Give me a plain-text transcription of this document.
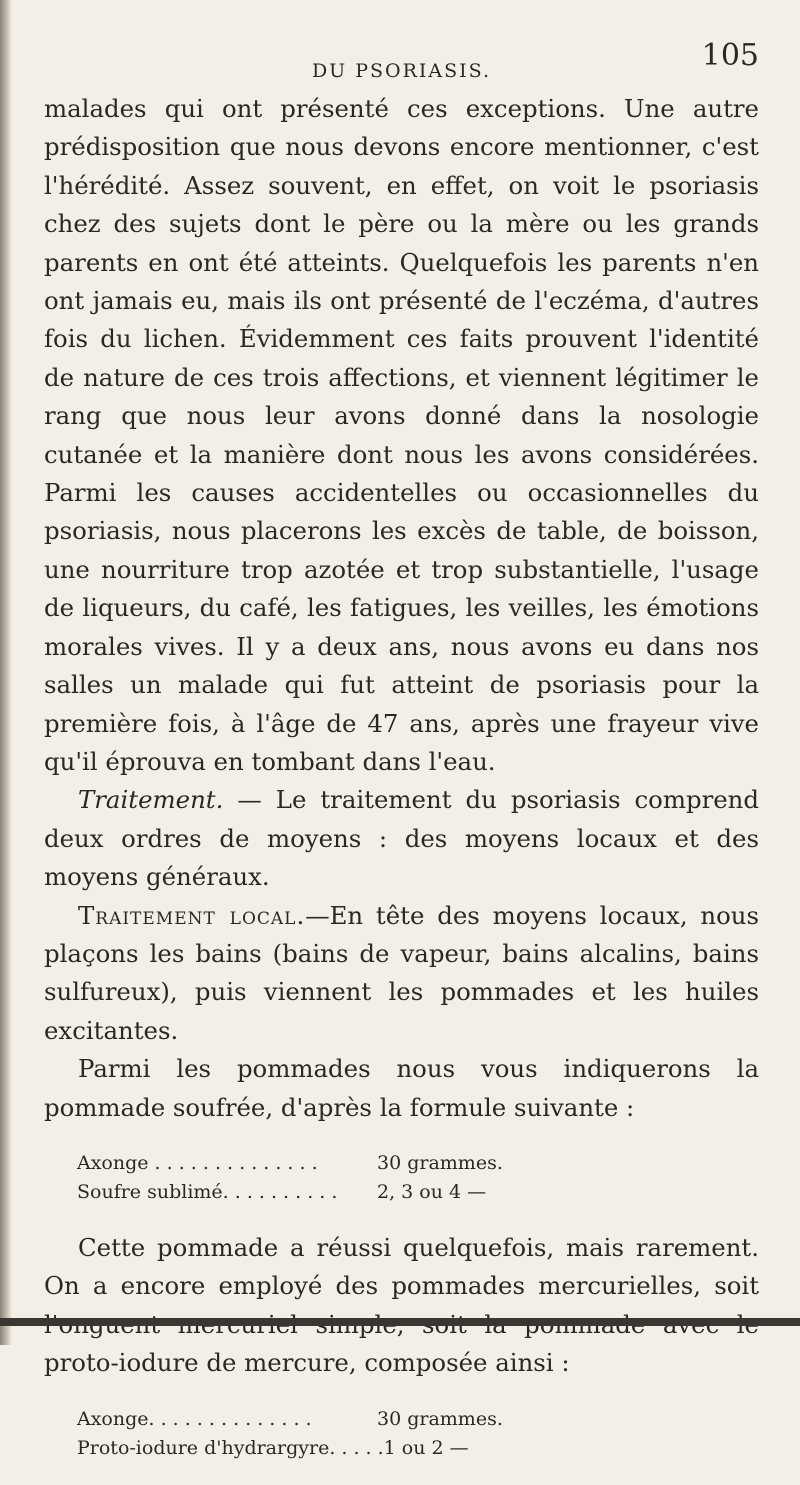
DU PSORIASIS.	105

malades qui ont présenté ces exceptions. Une autre prédisposition que nous devons encore mentionner, c'est l'hérédité. Assez souvent, en effet, on voit le psoriasis chez des sujets dont le père ou la mère ou les grands parents en ont été atteints. Quelquefois les parents n'en ont jamais eu, mais ils ont présenté de l'eczéma, d'autres fois du lichen. Évidemment ces faits prouvent l'identité de nature de ces trois affections, et viennent légitimer le rang que nous leur avons donné dans la nosologie cutanée et la manière dont nous les avons considérées. Parmi les causes accidentelles ou occasionnelles du psoriasis, nous placerons les excès de table, de boisson, une nourriture trop azotée et trop substantielle, l'usage de liqueurs, du café, les fatigues, les veilles, les émotions morales vives. Il y a deux ans, nous avons eu dans nos salles un malade qui fut atteint de psoriasis pour la première fois, à l'âge de 47 ans, après une frayeur vive qu'il éprouva en tombant dans l'eau.

Traitement. — Le traitement du psoriasis comprend deux ordres de moyens : des moyens locaux et des moyens généraux.

Traitement local.—En tête des moyens locaux, nous plaçons les bains (bains de vapeur, bains alcalins, bains sulfureux), puis viennent les pommades et les huiles excitantes.

Parmi les pommades nous vous indiquerons la pommade soufrée, d'après la formule suivante :

Axonge . . . . . . . . . . . . . .	30 grammes.
Soufre sublimé. . . . . . . . . .	2, 3 ou 4 —

Cette pommade a réussi quelquefois, mais rarement. On a encore employé des pommades mercurielles, soit proto-iodure de mercure, composée ainsi :

Axonge. . . . . . . . . . . . . .	30 grammes.
Proto-iodure d'hydrargyre. . . . . 1 ou 2 —
